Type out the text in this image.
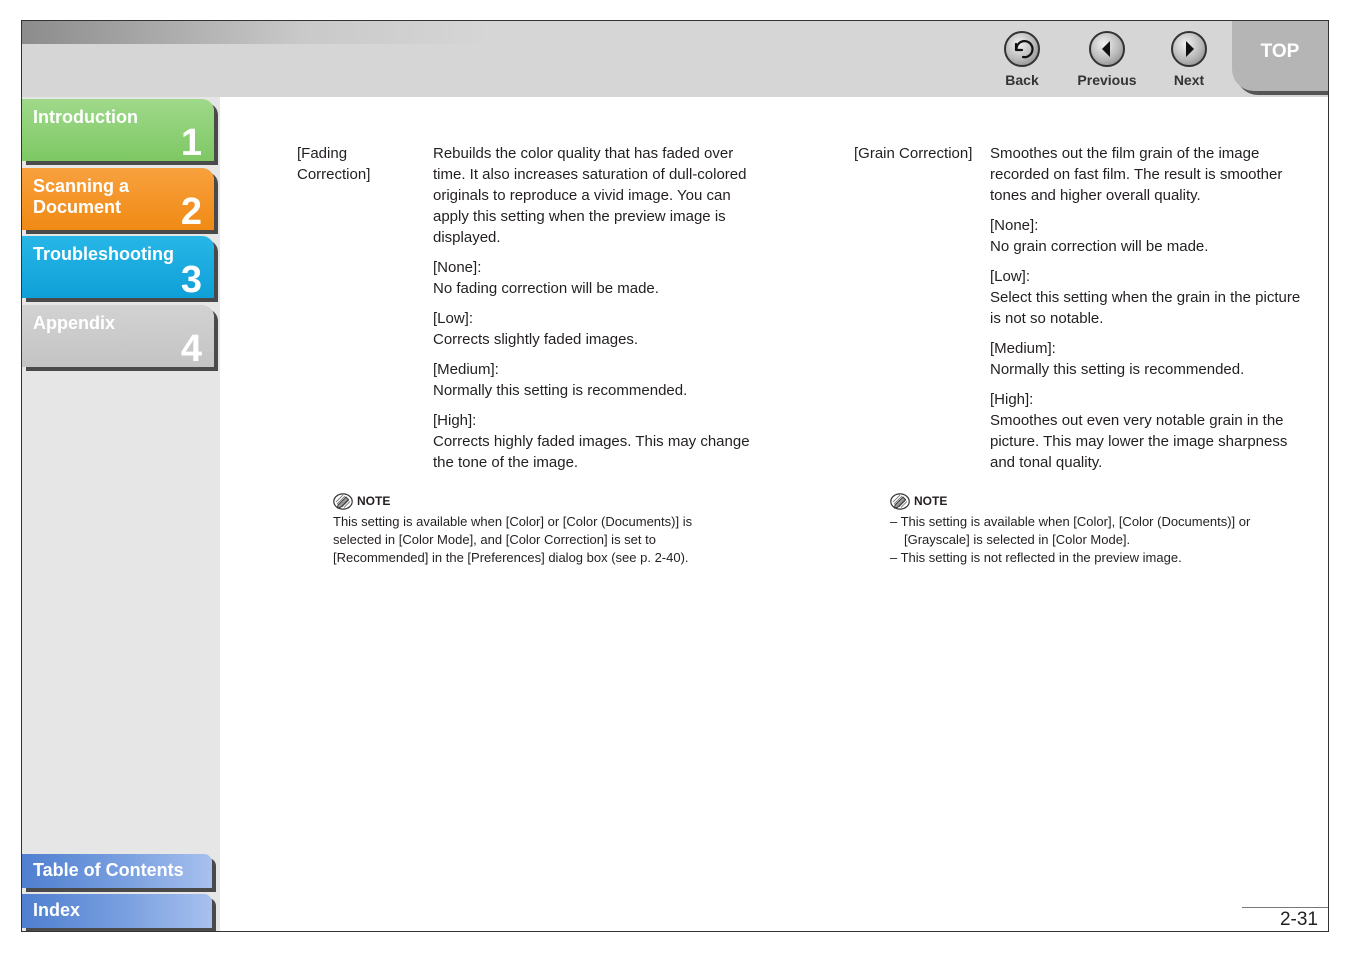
Back	Previous	Next
TOP
Introduction
1
Scanning a
Document 2
Troubleshooting
3
Appendix
4
Table of Contents
Index
[Fading
Correction]

Rebuilds the color quality that has faded over time. It also increases saturation of dull-colored originals to reproduce a vivid image. You can apply this setting when the preview image is displayed.

[None]:
No fading correction will be made.

[Low]:
Corrects slightly faded images.

[Medium]:
Normally this setting is recommended.

[High]:
Corrects highly faded images. This may change the tone of the image.

NOTE
This setting is available when [Color] or [Color (Documents)] is selected in [Color Mode], and [Color Correction] is set to [Recommended] in the [Preferences] dialog box (see p. 2-40).
[Grain Correction]	Smoothes out the film grain of the image recorded on fast film. The result is smoother tones and higher overall quality.

[None]:
No grain correction will be made.

[Low]:
Select this setting when the grain in the picture is not so notable.

[Medium]:
Normally this setting is recommended.

[High]:
Smoothes out even very notable grain in the picture. This may lower the image sharpness and tonal quality.

NOTE
– This setting is available when [Color], [Color (Documents)] or [Grayscale] is selected in [Color Mode].
– This setting is not reflected in the preview image.
2-31
